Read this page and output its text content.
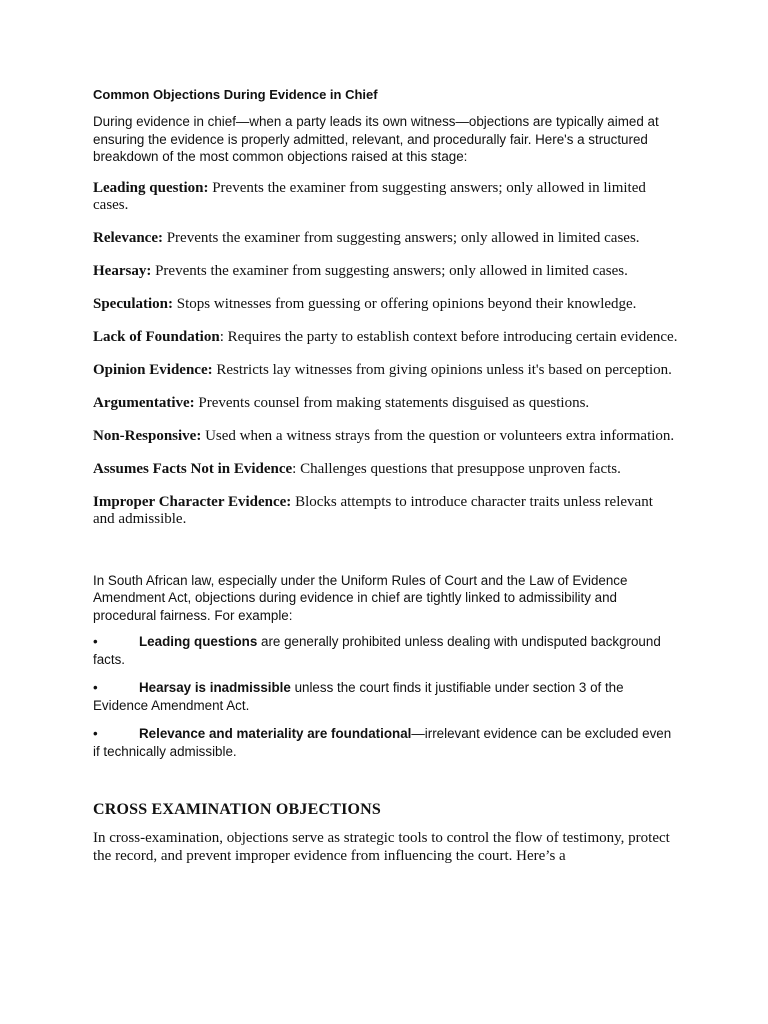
Common Objections During Evidence in Chief

During evidence in chief—when a party leads its own witness—objections are typically aimed at ensuring the evidence is properly admitted, relevant, and procedurally fair. Here's a structured breakdown of the most common objections raised at this stage:

Leading question: Prevents the examiner from suggesting answers; only allowed in limited cases.

Relevance: Prevents the examiner from suggesting answers; only allowed in limited cases.

Hearsay: Prevents the examiner from suggesting answers; only allowed in limited cases.

Speculation: Stops witnesses from guessing or offering opinions beyond their knowledge.

Lack of Foundation: Requires the party to establish context before introducing certain evidence.

Opinion Evidence: Restricts lay witnesses from giving opinions unless it's based on perception.

Argumentative: Prevents counsel from making statements disguised as questions.

Non-Responsive: Used when a witness strays from the question or volunteers extra information.

Assumes Facts Not in Evidence: Challenges questions that presuppose unproven facts.

Improper Character Evidence: Blocks attempts to introduce character traits unless relevant and admissible.

In South African law, especially under the Uniform Rules of Court and the Law of Evidence Amendment Act, objections during evidence in chief are tightly linked to admissibility and procedural fairness. For example:

•	Leading questions are generally prohibited unless dealing with undisputed background facts.

•	Hearsay is inadmissible unless the court finds it justifiable under section 3 of the Evidence Amendment Act.

•	Relevance and materiality are foundational—irrelevant evidence can be excluded even if technically admissible.

CROSS EXAMINATION OBJECTIONS

In cross-examination, objections serve as strategic tools to control the flow of testimony, protect the record, and prevent improper evidence from influencing the court. Here’s a
